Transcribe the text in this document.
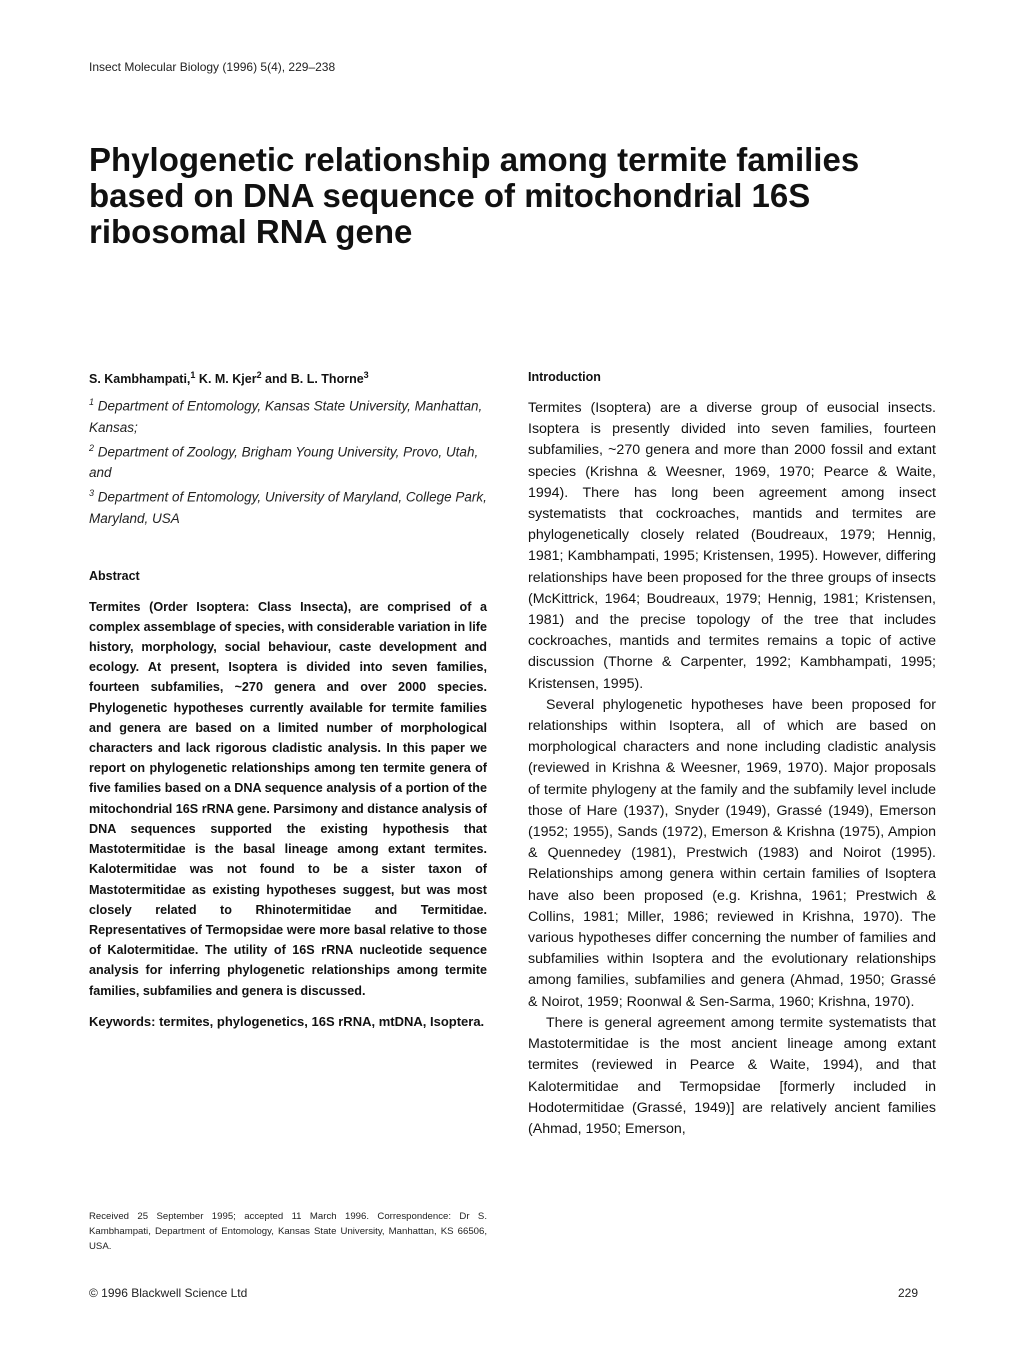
Insect Molecular Biology (1996) 5(4), 229–238
Phylogenetic relationship among termite families based on DNA sequence of mitochondrial 16S ribosomal RNA gene

S. Kambhampati,$^1$ K. M. Kjer$^2$ and B. L. Thorne$^3$

$^1$ Department of Entomology, Kansas State University, Manhattan, Kansas;

$^2$ Department of Zoology, Brigham Young University, Provo, Utah, and

$^3$ Department of Entomology, University of Maryland, College Park, Maryland, USA

Abstract

Termites (Order Isoptera: Class Insecta), are comprised of a complex assemblage of species, with considerable variation in life history, morphology, social behaviour, caste development and ecology. At present, Isoptera is divided into seven families, fourteen subfamilies, ~270 genera and over 2000 species. Phylogenetic hypotheses currently available for termite families and genera are based on a limited number of morphological characters and lack rigorous cladistic analysis. In this paper we report on phylogenetic relationships among ten termite genera of five families based on a DNA sequence analysis of a portion of the mitochondrial 16S rRNA gene. Parsimony and distance analysis of DNA sequences supported the existing hypothesis that Mastotermitidae is the basal lineage among extant termites. Kalotermitidae was not found to be a sister taxon of Mastotermitidae as existing hypotheses suggest, but was most closely related to Rhinotermitidae and Termitidae. Representatives of Termopsidae were more basal relative to those of Kalotermitidae. The utility of 16S rRNA nucleotide sequence analysis for inferring phylogenetic relationships among termite families, subfamilies and genera is discussed.

Keywords: termites, phylogenetics, 16S rRNA, mtDNA, Isoptera.

Received 25 September 1995; accepted 11 March 1996. Correspondence: Dr S. Kambhampati, Department of Entomology, Kansas State University, Manhattan, KS 66506, USA.

Introduction

Termites (Isoptera) are a diverse group of eusocial insects. Isoptera is presently divided into seven families, fourteen subfamilies, ~270 genera and more than 2000 fossil and extant species (Krishna & Weesner, 1969, 1970; Pearce & Waite, 1994). There has long been agreement among insect systematists that cockroaches, mantids and termites are phylogenetically closely related (Boudreaux, 1979; Hennig, 1981; Kambhampati, 1995; Kristensen, 1995). However, differing relationships have been proposed for the three groups of insects (McKittrick, 1964; Boudreaux, 1979; Hennig, 1981; Kristensen, 1981) and the precise topology of the tree that includes cockroaches, mantids and termites remains a topic of active discussion (Thorne & Carpenter, 1992; Kambhampati, 1995; Kristensen, 1995).

Several phylogenetic hypotheses have been proposed for relationships within Isoptera, all of which are based on morphological characters and none including cladistic analysis (reviewed in Krishna & Weesner, 1969, 1970). Major proposals of termite phylogeny at the family and the subfamily level include those of Hare (1937), Snyder (1949), Grassé (1949), Emerson (1952; 1955), Sands (1972), Emerson & Krishna (1975), Ampion & Quennedey (1981), Prestwich (1983) and Noirot (1995). Relationships among genera within certain families of Isoptera have also been proposed (e.g. Krishna, 1961; Prestwich & Collins, 1981; Miller, 1986; reviewed in Krishna, 1970). The various hypotheses differ concerning the number of families and subfamilies within Isoptera and the evolutionary relationships among families, subfamilies and genera (Ahmad, 1950; Grassé & Noirot, 1959; Roonwal & Sen-Sarma, 1960; Krishna, 1970).

There is general agreement among termite systematists that Mastotermitidae is the most ancient lineage among extant termites (reviewed in Pearce & Waite, 1994), and that Kalotermitidae and Termopsidae [formerly included in Hodotermitidae (Grassé, 1949)] are relatively ancient families (Ahmad, 1950; Emerson,

© 1996 Blackwell Science Ltd	229
